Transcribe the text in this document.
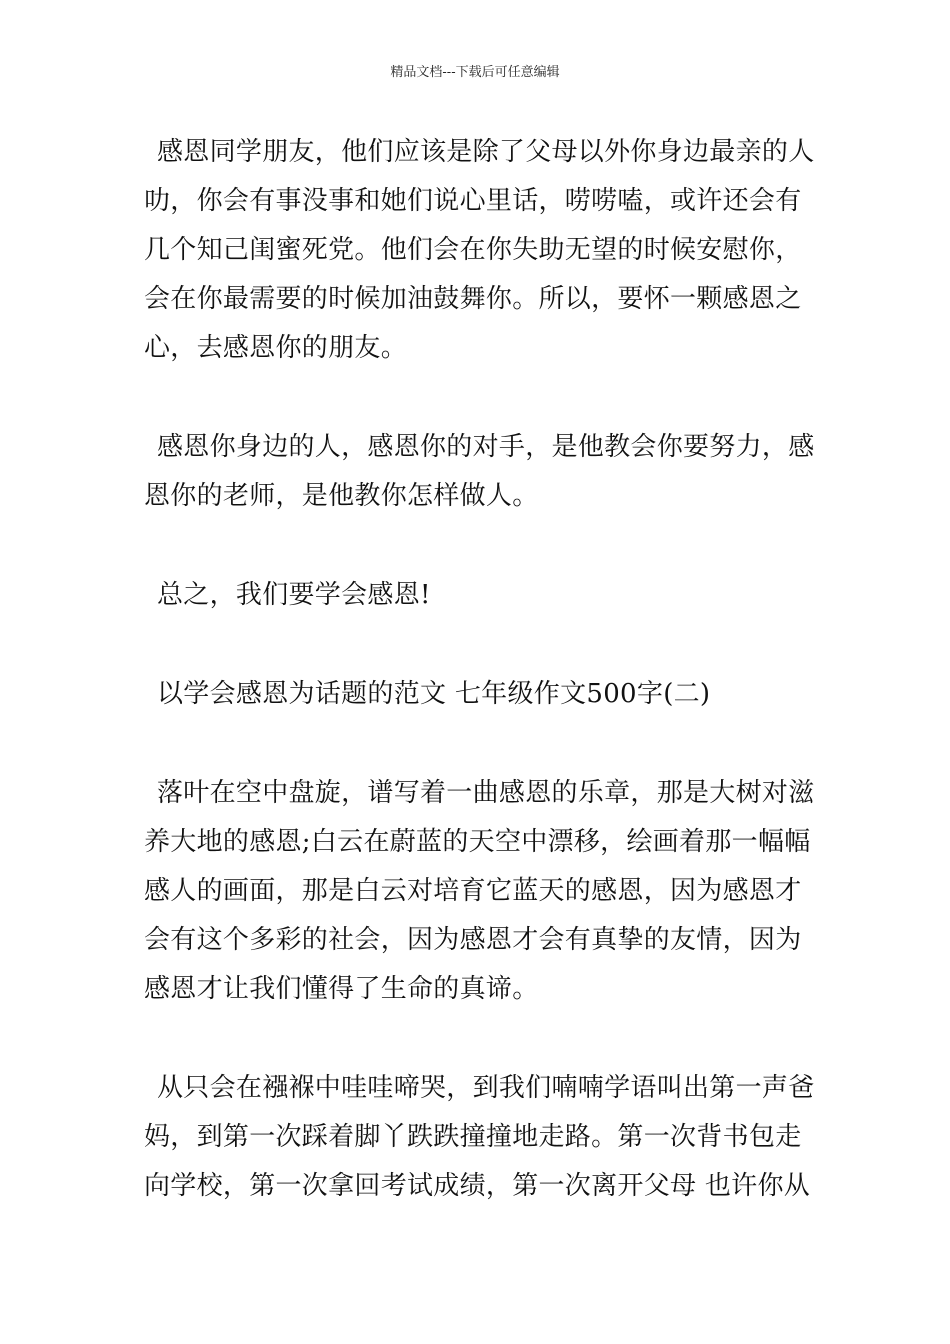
精品文档---下载后可任意编辑

感恩同学朋友，他们应该是除了父母以外你身边最亲的人
叻，你会有事没事和她们说心里话，唠唠嗑，或许还会有
几个知己闺蜜死党。他们会在你失助无望的时候安慰你，
会在你最需要的时候加油鼓舞你。所以，要怀一颗感恩之
心，去感恩你的朋友。

感恩你身边的人，感恩你的对手，是他教会你要努力，感
恩你的老师，是他教你怎样做人。

总之，我们要学会感恩!

以学会感恩为话题的范文 七年级作文500字(二)

落叶在空中盘旋，谱写着一曲感恩的乐章，那是大树对滋
养大地的感恩;白云在蔚蓝的天空中漂移，绘画着那一幅幅
感人的画面，那是白云对培育它蓝天的感恩，因为感恩才
会有这个多彩的社会，因为感恩才会有真挚的友情，因为
感恩才让我们懂得了生命的真谛。

从只会在襁褓中哇哇啼哭，到我们喃喃学语叫出第一声爸
妈，到第一次踩着脚丫跌跌撞撞地走路。第一次背书包走
向学校，第一次拿回考试成绩，第一次离开父母 也许你从
